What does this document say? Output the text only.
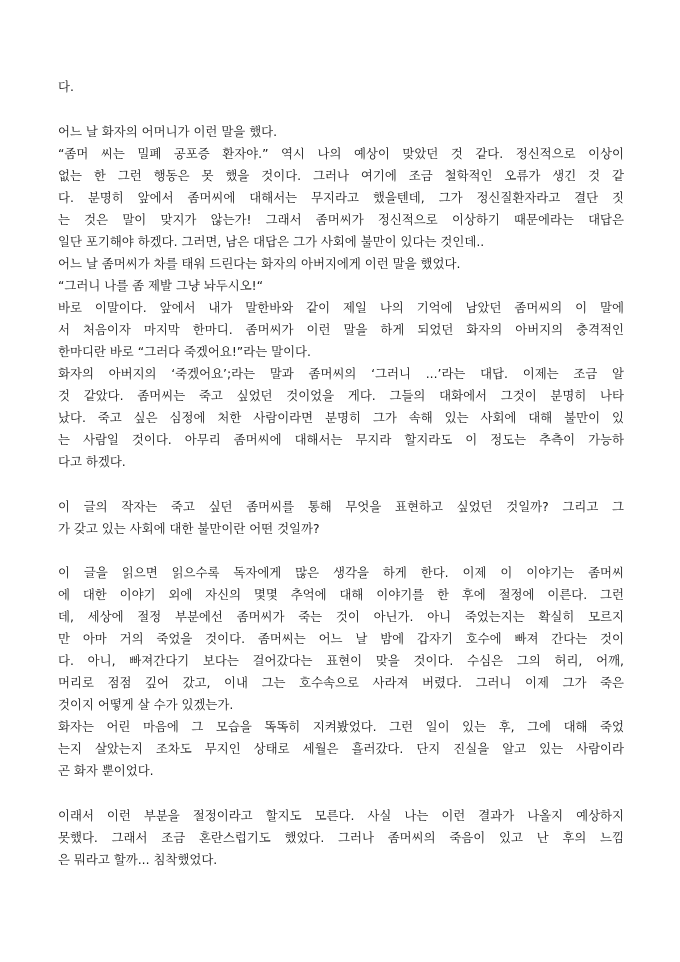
다.
어느 날 화자의 어머니가 이런 말을 했다.
“좀머 씨는 밀폐 공포증 환자야.” 역시 나의 예상이 맞았던 것 같다. 정신적으로 이상이
없는 한 그런 행동은 못 했을 것이다. 그러나 여기에 조금 철학적인 오류가 생긴 것 같
다. 분명히 앞에서 좀머씨에 대해서는 무지라고 했을텐데, 그가 정신질환자라고 결단 짓
는 것은 말이 맞지가 않는가! 그래서 좀머씨가 정신적으로 이상하기 때문에라는 대답은
일단 포기해야 하겠다. 그러면, 남은 대답은 그가 사회에 불만이 있다는 것인데..
어느 날 좀머씨가 차를 태워 드린다는 화자의 아버지에게 이런 말을 했었다.
“그러니 나를 좀 제발 그냥 놔두시오!“
바로 이말이다. 앞에서 내가 말한바와 같이 제일 나의 기억에 남았던 좀머씨의 이 말에
서 처음이자 마지막 한마디. 좀머씨가 이런 말을 하게 되었던 화자의 아버지의 충격적인
한마디란 바로 “그러다 죽겠어요!”라는 말이다.
화자의 아버지의 ‘죽겠어요’;라는 말과 좀머씨의 ‘그러니 ...’라는 대답. 이제는 조금 알
것 같았다. 좀머씨는 죽고 싶었던 것이었을 게다. 그들의 대화에서 그것이 분명히 나타
났다. 죽고 싶은 심정에 처한 사람이라면 분명히 그가 속해 있는 사회에 대해 불만이 있
는 사람일 것이다. 아무리 좀머씨에 대해서는 무지라 할지라도 이 정도는 추측이 가능하
다고 하겠다.
이 글의 작자는 죽고 싶던 좀머씨를 통해 무엇을 표현하고 싶었던 것일까? 그리고 그
가 갖고 있는 사회에 대한 불만이란 어떤 것일까?
이 글을 읽으면 읽으수록 독자에게 많은 생각을 하게 한다. 이제 이 이야기는 좀머씨
에 대한 이야기 외에 자신의 몇몇 추억에 대해 이야기를 한 후에 절정에 이른다. 그런
데, 세상에 절정 부분에선 좀머씨가 죽는 것이 아닌가. 아니 죽었는지는 확실히 모르지
만 아마 거의 죽었을 것이다. 좀머씨는 어느 날 밤에 갑자기 호수에 빠져 간다는 것이
다. 아니, 빠져간다기 보다는 걸어갔다는 표현이 맞을 것이다. 수심은 그의 허리, 어깨,
머리로 점점 깊어 갔고, 이내 그는 호수속으로 사라져 버렸다. 그러니 이제 그가 죽은
것이지 어떻게 살 수가 있겠는가.
화자는 어린 마음에 그 모습을 똑똑히 지켜봤었다. 그런 일이 있는 후, 그에 대해 죽었
는지 살았는지 조차도 무지인 상태로 세월은 흘러갔다. 단지 진실을 알고 있는 사람이라
곤 화자 뿐이었다.
이래서 이런 부분을 절정이라고 할지도 모른다. 사실 나는 이런 결과가 나올지 예상하지
못했다. 그래서 조금 혼란스럽기도 했었다. 그러나 좀머씨의 죽음이 있고 난 후의 느낌
은 뭐라고 할까... 침착했었다.
